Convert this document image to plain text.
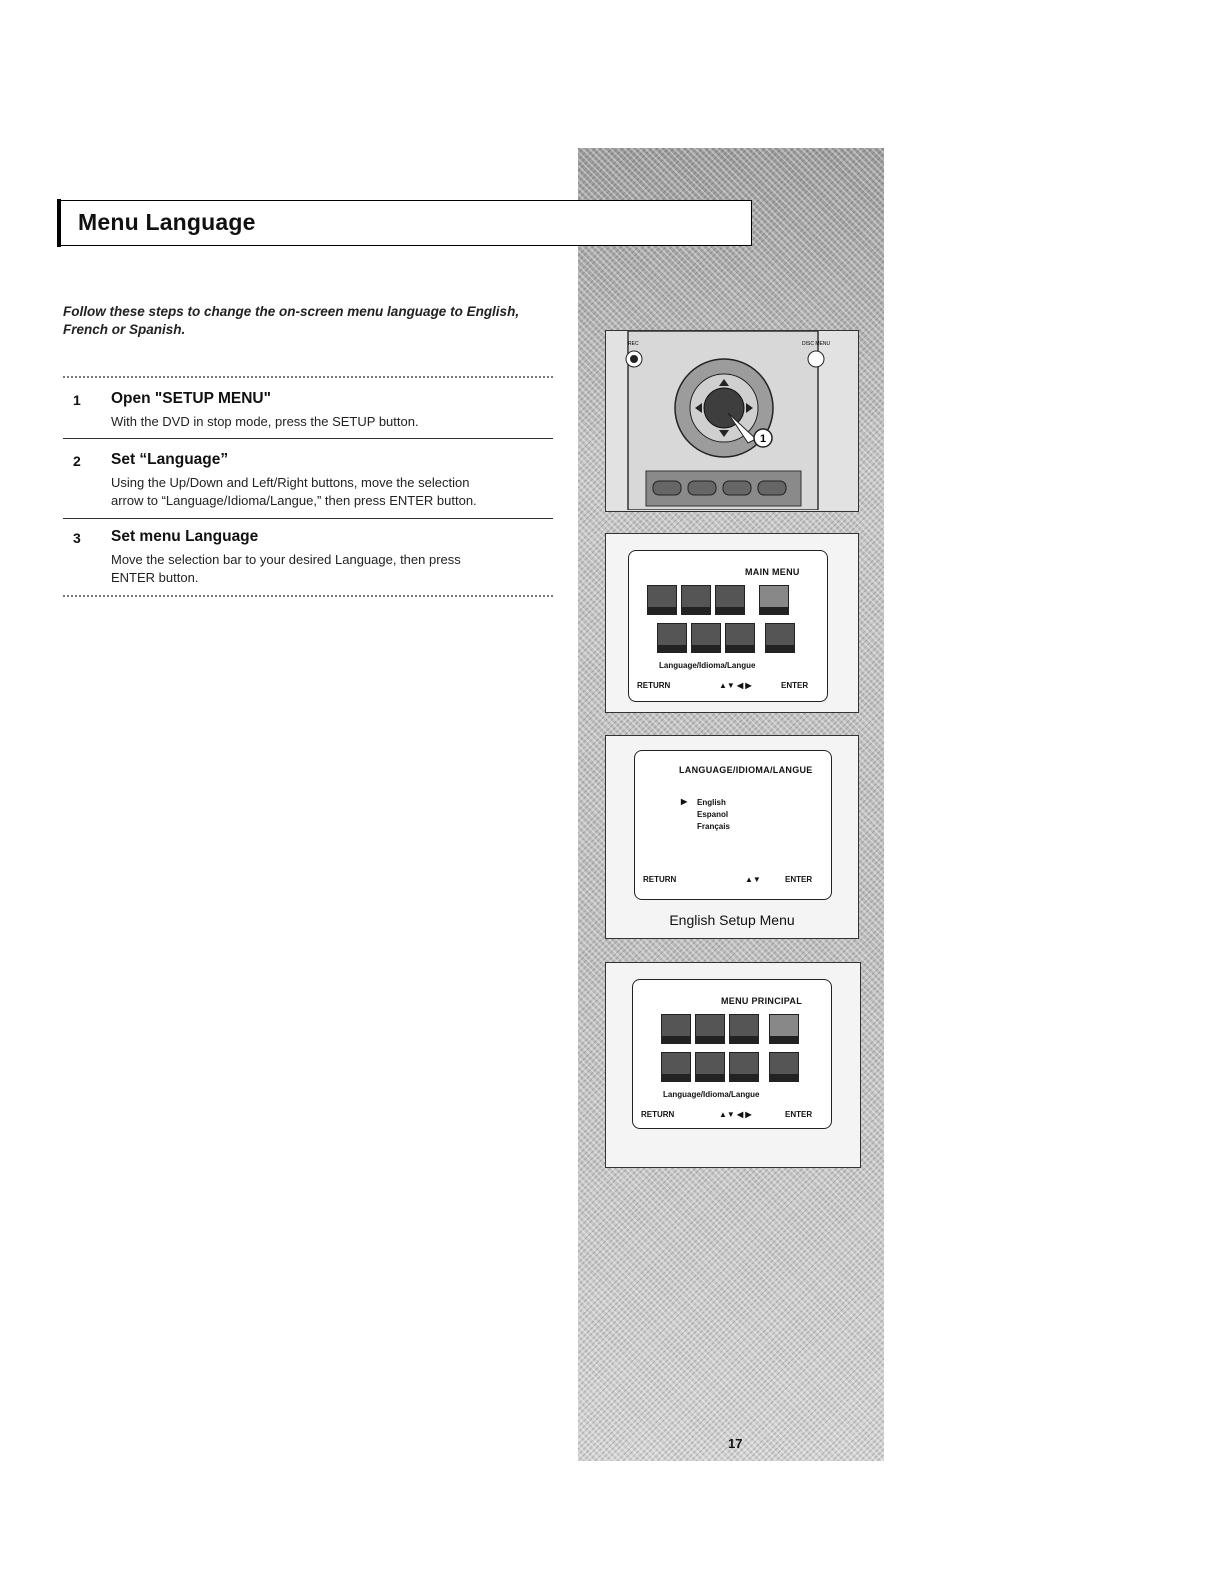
Menu Language
Follow these steps to change the on-screen menu language to English, French or Spanish.
1 Open "SETUP MENU"
With the DVD in stop mode, press the SETUP button.
2 Set “Language”
Using the Up/Down and Left/Right buttons, move the selection
arrow to “Language/Idioma/Langue,” then press ENTER button.
3 Set menu Language
Move the selection bar to your desired Language, then press
ENTER button.
1
REC	DISC MENU
MAIN MENU
Language/Idioma/Langue
RETURN	▲▼ ◀ ▶	ENTER
LANGUAGE/IDIOMA/LANGUE
▶ English
Espanol
Français
RETURN	▲▼	ENTER
English Setup Menu
MENU PRINCIPAL
Language/Idioma/Langue
RETURN	▲▼ ◀ ▶	ENTER
17
